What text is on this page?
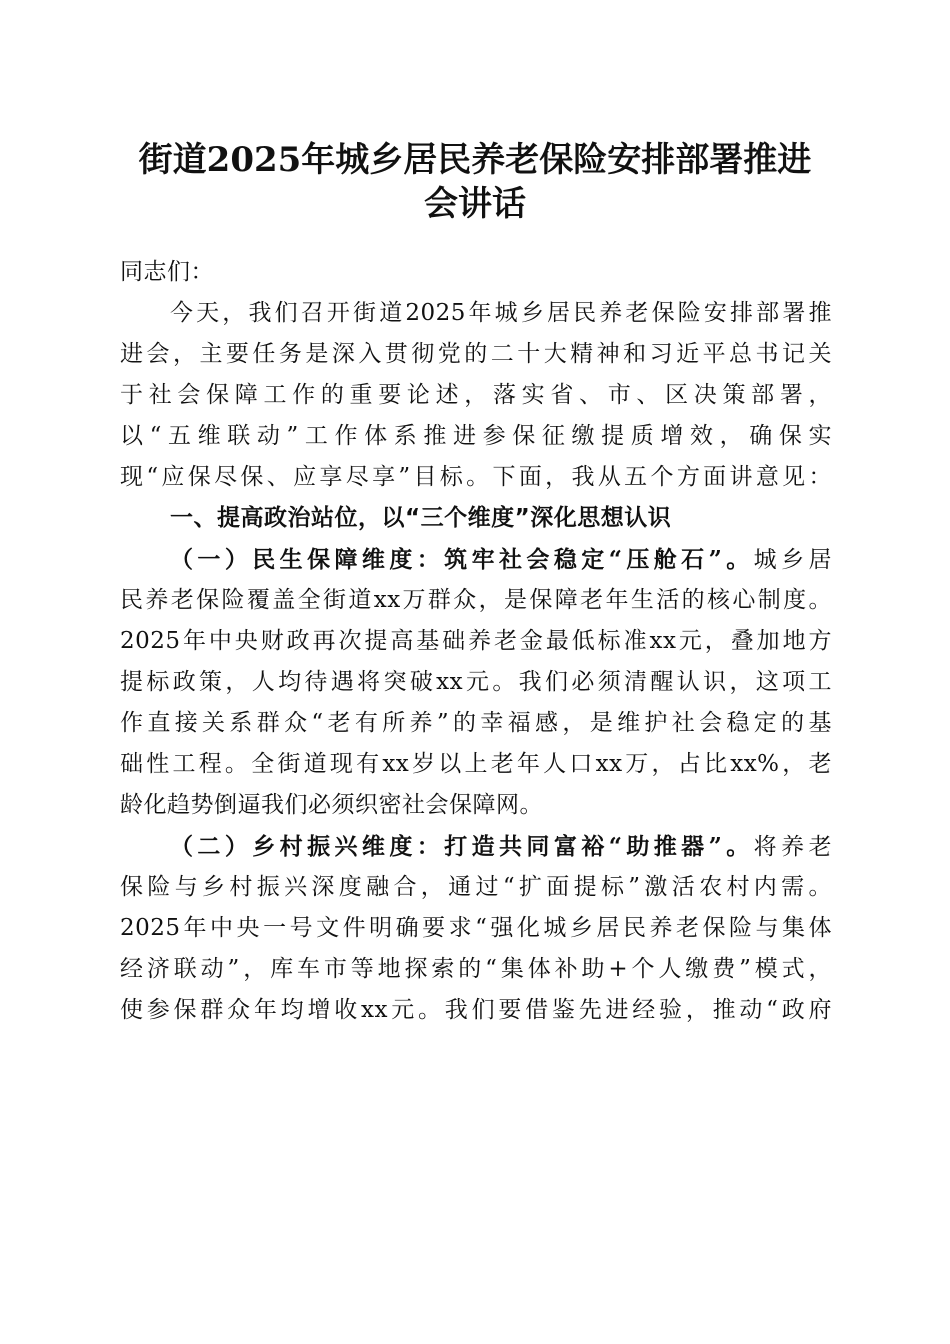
街道2025年城乡居民养老保险安排部署推进
会讲话
同志们：
今天，我们召开街道2025年城乡居民养老保险安排部署推
进会，主要任务是深入贯彻党的二十大精神和习近平总书记关
于社会保障工作的重要论述，落实省、市、区决策部署，
以“五维联动”工作体系推进参保征缴提质增效，确保实
现“应保尽保、应享尽享”目标。下面，我从五个方面讲意见：
一、提高政治站位，以“三个维度”深化思想认识
（一）民生保障维度：筑牢社会稳定“压舱石”。城乡居
民养老保险覆盖全街道xx万群众，是保障老年生活的核心制度。
2025年中央财政再次提高基础养老金最低标准xx元，叠加地方
提标政策，人均待遇将突破xx元。我们必须清醒认识，这项工
作直接关系群众“老有所养”的幸福感，是维护社会稳定的基
础性工程。全街道现有xx岁以上老年人口xx万，占比xx%，老
龄化趋势倒逼我们必须织密社会保障网。
（二）乡村振兴维度：打造共同富裕“助推器”。将养老
保险与乡村振兴深度融合，通过“扩面提标”激活农村内需。
2025年中央一号文件明确要求“强化城乡居民养老保险与集体
经济联动”，库车市等地探索的“集体补助+个人缴费”模式，
使参保群众年均增收xx元。我们要借鉴先进经验，推动“政府
